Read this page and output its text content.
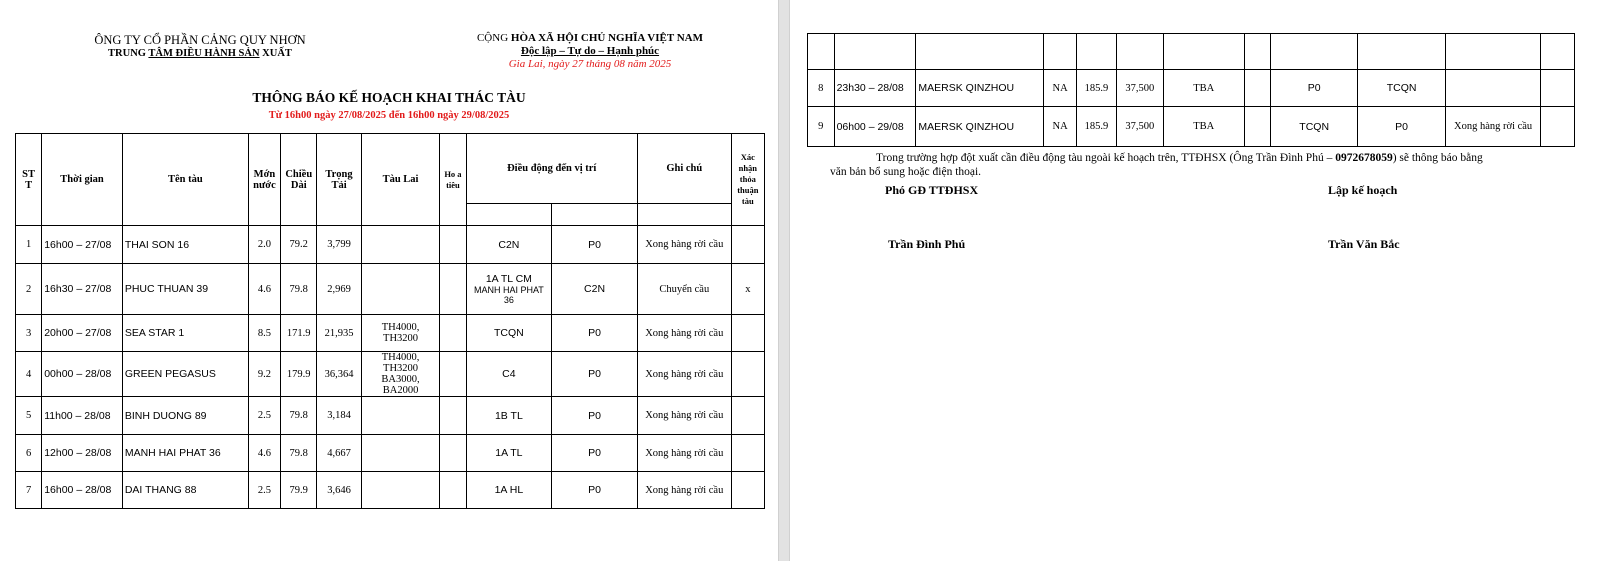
ÔNG TY CỔ PHẦN CẢNG QUY NHƠN
TRUNG TÂM ĐIỀU HÀNH SẢN XUẤT
CỘNG HÒA XÃ HỘI CHỦ NGHĨA VIỆT NAM
Độc lập – Tự do – Hạnh phúc
Gia Lai, ngày 27 tháng 08 năm 2025
THÔNG BÁO KẾ HOẠCH KHAI THÁC TÀU
Từ 16h00 ngày 27/08/2025 đến 16h00 ngày 29/08/2025
ST T	Thời gian	Tên tàu	Mớn nước	Chiều Dài	Trọng Tải	Tàu Lai	Ho a tiêu	Điều động đến vị trí		Ghi chú	Xác nhận thỏa thuận tàu

1	16h00 – 27/08	THAI SON 16	2.0	79.2	3,799			C2N	P0	Xong hàng rời cầu	
2	16h30 – 27/08	PHUC THUAN 39	4.6	79.8	2,969			1A TL CM
MANH HAI PHAT 36	C2N	Chuyển cầu	x
3	20h00 – 27/08	SEA STAR 1	8.5	171.9	21,935	TH4000, TH3200		TCQN	P0	Xong hàng rời cầu	
4	00h00 – 28/08	GREEN PEGASUS	9.2	179.9	36,364	TH4000, TH3200
BA3000, BA2000		C4	P0	Xong hàng rời cầu	
5	11h00 – 28/08	BINH DUONG 89	2.5	79.8	3,184			1B TL	P0	Xong hàng rời cầu	
6	12h00 – 28/08	MANH HAI PHAT 36	4.6	79.8	4,667			1A TL	P0	Xong hàng rời cầu	
7	16h00 – 28/08	DAI THANG 88	2.5	79.9	3,646			1A HL	P0	Xong hàng rời cầu	

8	23h30 – 28/08	MAERSK QINZHOU	NA	185.9	37,500	TBA		P0	TCQN		
9	06h00 – 29/08	MAERSK QINZHOU	NA	185.9	37,500	TBA		TCQN	P0	Xong hàng rời cầu	
Trong trường hợp đột xuất cần điều động tàu ngoài kế hoạch trên, TTĐHSX (Ông Trần Đình Phú – 0972678059) sẽ thông báo bằng
văn bản bổ sung hoặc điện thoại.
Phó GĐ TTĐHSX
Trần Đình Phú
Lập kế hoạch
Trần Văn Bắc
